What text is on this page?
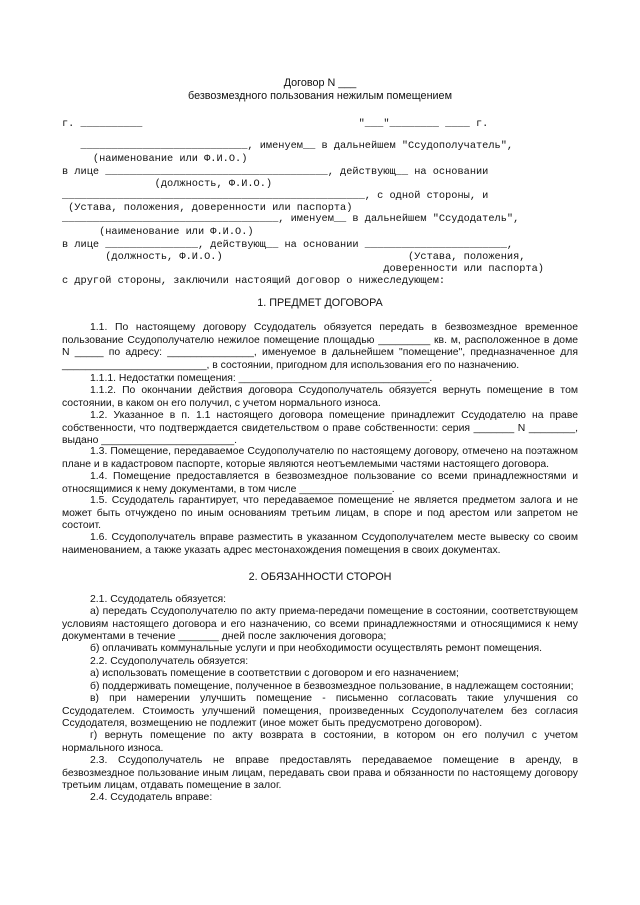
Договор N ___
безвозмездного пользования нежилым помещением
г. __________                                   "___"________ ____ г.
___________________________, именуем__ в дальнейшем "Ссудополучатель",
(наименование или Ф.И.О.)
в лице ____________________________________, действующ__ на основании
(должность, Ф.И.О.)
_________________________________________________, с одной стороны, и
(Устава, положения, доверенности или паспорта)
___________________________________, именуем__ в дальнейшем "Ссудодатель",
(наименование или Ф.И.О.)
в лице _______________, действующ__ на основании _______________________,
(должность, Ф.И.О.)                              (Устава, положения,
доверенности или паспорта)
с другой стороны, заключили настоящий договор о нижеследующем:
1. ПРЕДМЕТ ДОГОВОРА
1.1. По настоящему договору Ссудодатель обязуется передать в безвозмездное временное пользование Ссудополучателю нежилое помещение площадью _________ кв. м, расположенное в доме N _____ по адресу: _______________, именуемое в дальнейшем "помещение", предназначенное для _________________________, в состоянии, пригодном для использования его по назначению.
1.1.1. Недостатки помещения: _________________________________.
1.1.2. По окончании действия договора Ссудополучатель обязуется вернуть помещение в том состоянии, в каком он его получил, с учетом нормального износа.
1.2. Указанное в п. 1.1 настоящего договора помещение принадлежит Ссудодателю на праве собственности, что подтверждается свидетельством о праве собственности: серия _______ N ________, выдано _______________________.
1.3. Помещение, передаваемое Ссудополучателю по настоящему договору, отмечено на поэтажном плане и в кадастровом паспорте, которые являются неотъемлемыми частями настоящего договора.
1.4. Помещение предоставляется в безвозмездное пользование со всеми принадлежностями и относящимися к нему документами, в том числе ________________.
1.5. Ссудодатель гарантирует, что передаваемое помещение не является предметом залога и не может быть отчуждено по иным основаниям третьим лицам, в споре и под арестом или запретом не состоит.
1.6. Ссудополучатель вправе разместить в указанном Ссудополучателем месте вывеску со своим наименованием, а также указать адрес местонахождения помещения в своих документах.
2. ОБЯЗАННОСТИ СТОРОН
2.1. Ссудодатель обязуется:
а) передать Ссудополучателю по акту приема-передачи помещение в состоянии, соответствующем условиям настоящего договора и его назначению, со всеми принадлежностями и относящимися к нему документами в течение _______ дней после заключения договора;
б) оплачивать коммунальные услуги и при необходимости осуществлять ремонт помещения.
2.2. Ссудополучатель обязуется:
а) использовать помещение в соответствии с договором и его назначением;
б) поддерживать помещение, полученное в безвозмездное пользование, в надлежащем состоянии;
в) при намерении улучшить помещение - письменно согласовать такие улучшения со Ссудодателем. Стоимость улучшений помещения, произведенных Ссудополучателем без согласия Ссудодателя, возмещению не подлежит (иное может быть предусмотрено договором).
г) вернуть помещение по акту возврата в состоянии, в котором он его получил с учетом нормального износа.
2.3. Ссудополучатель не вправе предоставлять передаваемое помещение в аренду, в безвозмездное пользование иным лицам, передавать свои права и обязанности по настоящему договору третьим лицам, отдавать помещение в залог.
2.4. Ссудодатель вправе:
